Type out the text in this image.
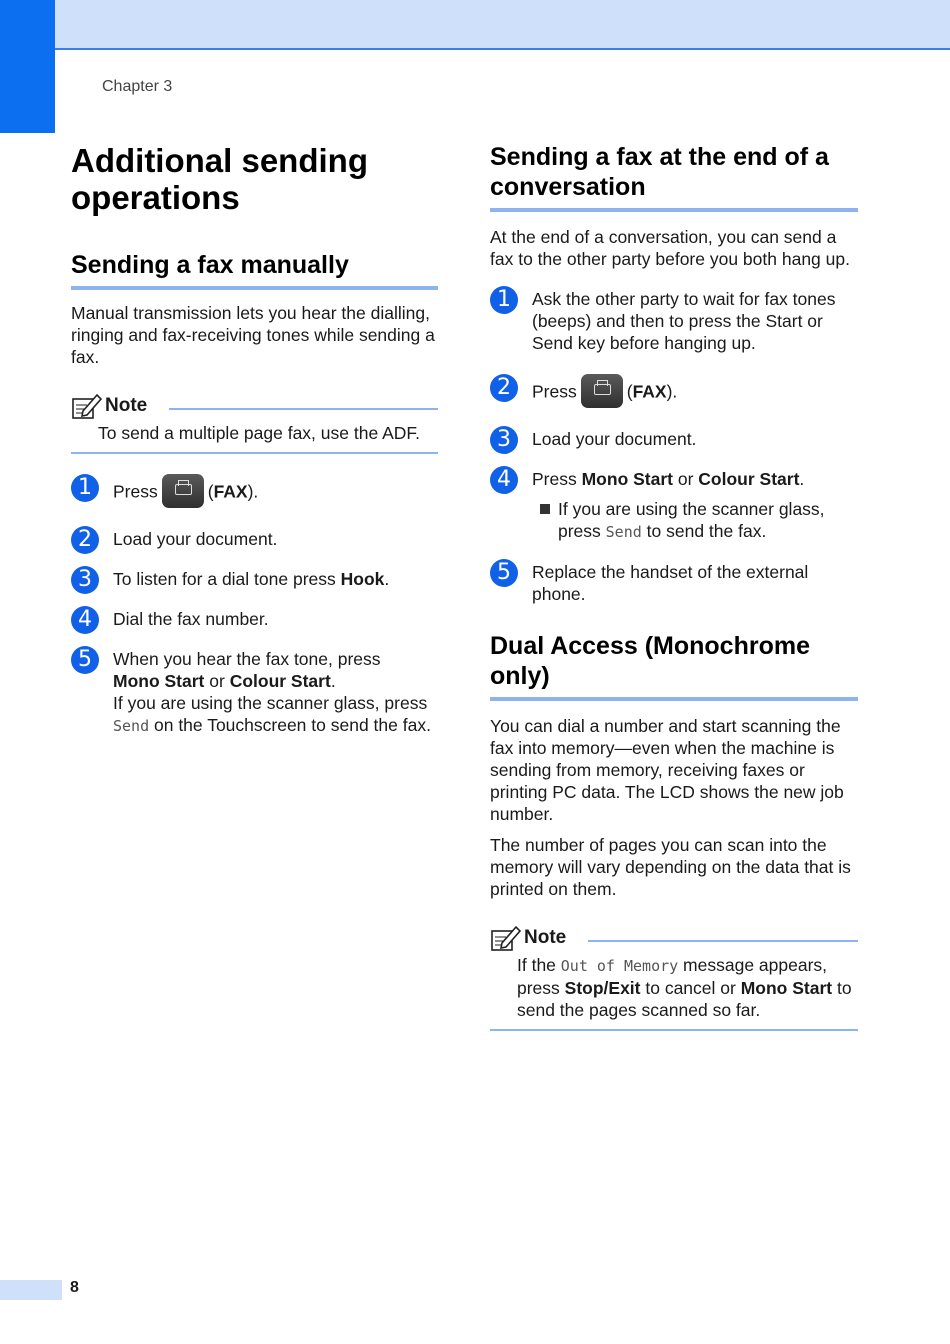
Chapter 3
Additional sending operations
Sending a fax manually

Manual transmission lets you hear the dialling, ringing and fax-receiving tones while sending a fax.

Note

To send a multiple page fax, use the ADF.

1	Press	(FAX).

2	Load your document.

3	To listen for a dial tone press Hook.

4	Dial the fax number.

5	When you hear the fax tone, press
Mono Start or Colour Start.
If you are using the scanner glass, press Send on the Touchscreen to send the fax.

Sending a fax at the end of a conversation

At the end of a conversation, you can send a fax to the other party before you both hang up.

1	Ask the other party to wait for fax tones (beeps) and then to press the Start or Send key before hanging up.

2	Press	(FAX).

3	Load your document.

4	Press Mono Start or Colour Start.

If you are using the scanner glass, press Send to send the fax.

5	Replace the handset of the external phone.

Dual Access (Monochrome only)

You can dial a number and start scanning the fax into memory—even when the machine is sending from memory, receiving faxes or printing PC data. The LCD shows the new job number.

The number of pages you can scan into the memory will vary depending on the data that is printed on them.

Note

If the Out of Memory message appears, press Stop/Exit to cancel or Mono Start to send the pages scanned so far.

8
